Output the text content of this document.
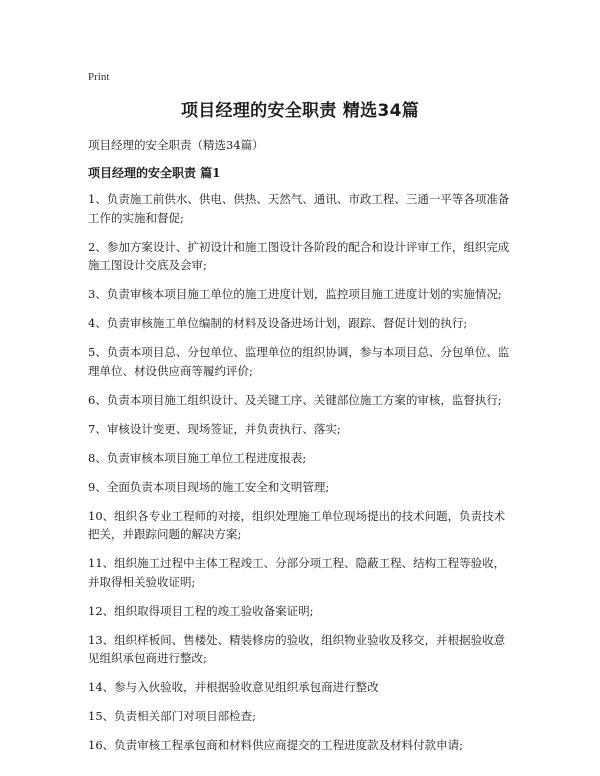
Print
项目经理的安全职责 精选34篇
项目经理的安全职责（精选34篇）
项目经理的安全职责 篇1
1、负责施工前供水、供电、供热、天然气、通讯、市政工程、三通一平等各项准备工作的实施和督促;
2、参加方案设计、扩初设计和施工图设计各阶段的配合和设计评审工作，组织完成施工图设计交底及会审;
3、负责审核本项目施工单位的施工进度计划，监控项目施工进度计划的实施情况;
4、负责审核施工单位编制的材料及设备进场计划，跟踪、督促计划的执行;
5、负责本项目总、分包单位、监理单位的组织协调，参与本项目总、分包单位、监理单位、材设供应商等履约评价;
6、负责本项目施工组织设计、及关键工序、关键部位施工方案的审核，监督执行;
7、审核设计变更、现场签证，并负责执行、落实;
8、负责审核本项目施工单位工程进度报表;
9、全面负责本项目现场的施工安全和文明管理;
10、组织各专业工程师的对接，组织处理施工单位现场提出的技术问题，负责技术把关，并跟踪问题的解决方案;
11、组织施工过程中主体工程竣工、分部分项工程、隐蔽工程、结构工程等验收，并取得相关验收证明;
12、组织取得项目工程的竣工验收备案证明;
13、组织样板间、售楼处、精装修房的验收，组织物业验收及移交，并根据验收意见组织承包商进行整改;
14、参与入伙验收，并根据验收意见组织承包商进行整改
15、负责相关部门对项目部检查;
16、负责审核工程承包商和材料供应商提交的工程进度款及材料付款申请;
